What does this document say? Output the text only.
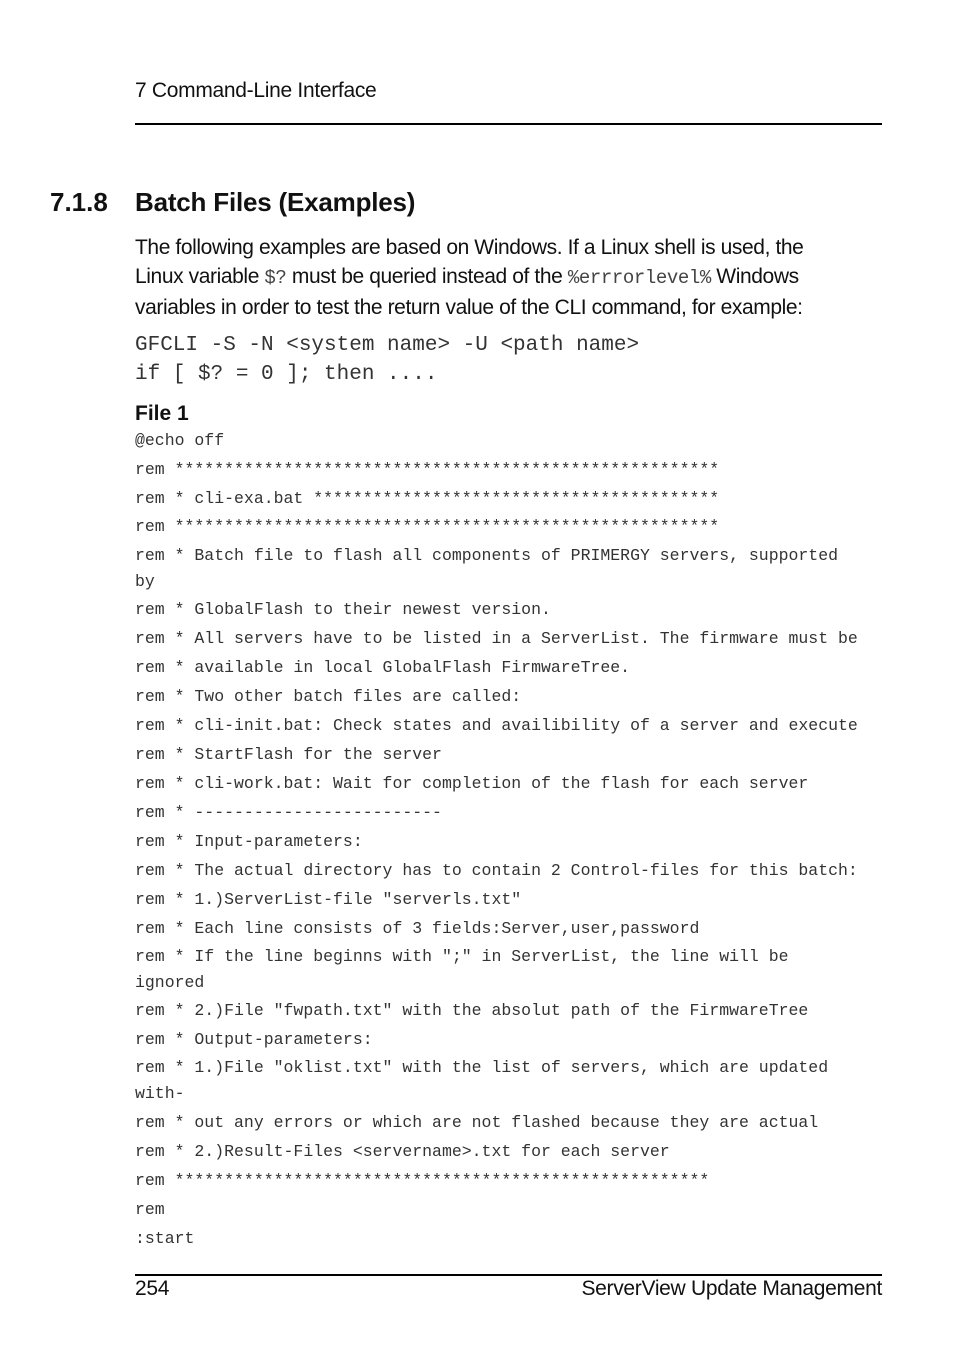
7 Command-Line Interface
7.1.8 Batch Files (Examples)

The following examples are based on Windows. If a Linux shell is used, the
Linux variable $? must be queried instead of the %errrorlevel% Windows
variables in order to test the return value of the CLI command, for example:

GFCLI -S -N <system name> -U <path name>
if [ $? = 0 ]; then ....
File 1
@echo off
rem *******************************************************
rem * cli-exa.bat *****************************************
rem *******************************************************
rem * Batch file to flash all components of PRIMERGY servers, supported
by
rem * GlobalFlash to their newest version.
rem * All servers have to be listed in a ServerList. The firmware must be
rem * available in local GlobalFlash FirmwareTree.
rem * Two other batch files are called:
rem * cli-init.bat: Check states and availibility of a server and execute
rem * StartFlash for the server
rem * cli-work.bat: Wait for completion of the flash for each server
rem * -------------------------
rem * Input-parameters:
rem * The actual directory has to contain 2 Control-files for this batch:
rem * 1.)ServerList-file "serverls.txt"
rem * Each line consists of 3 fields:Server,user,password
rem * If the line beginns with ";" in ServerList, the line will be
ignored
rem * 2.)File "fwpath.txt" with the absolut path of the FirmwareTree
rem * Output-parameters:
rem * 1.)File "oklist.txt" with the list of servers, which are updated
with-
rem * out any errors or which are not flashed because they are actual
rem * 2.)Result-Files <servername>.txt for each server
rem ******************************************************
rem
:start
254	ServerView Update Management
